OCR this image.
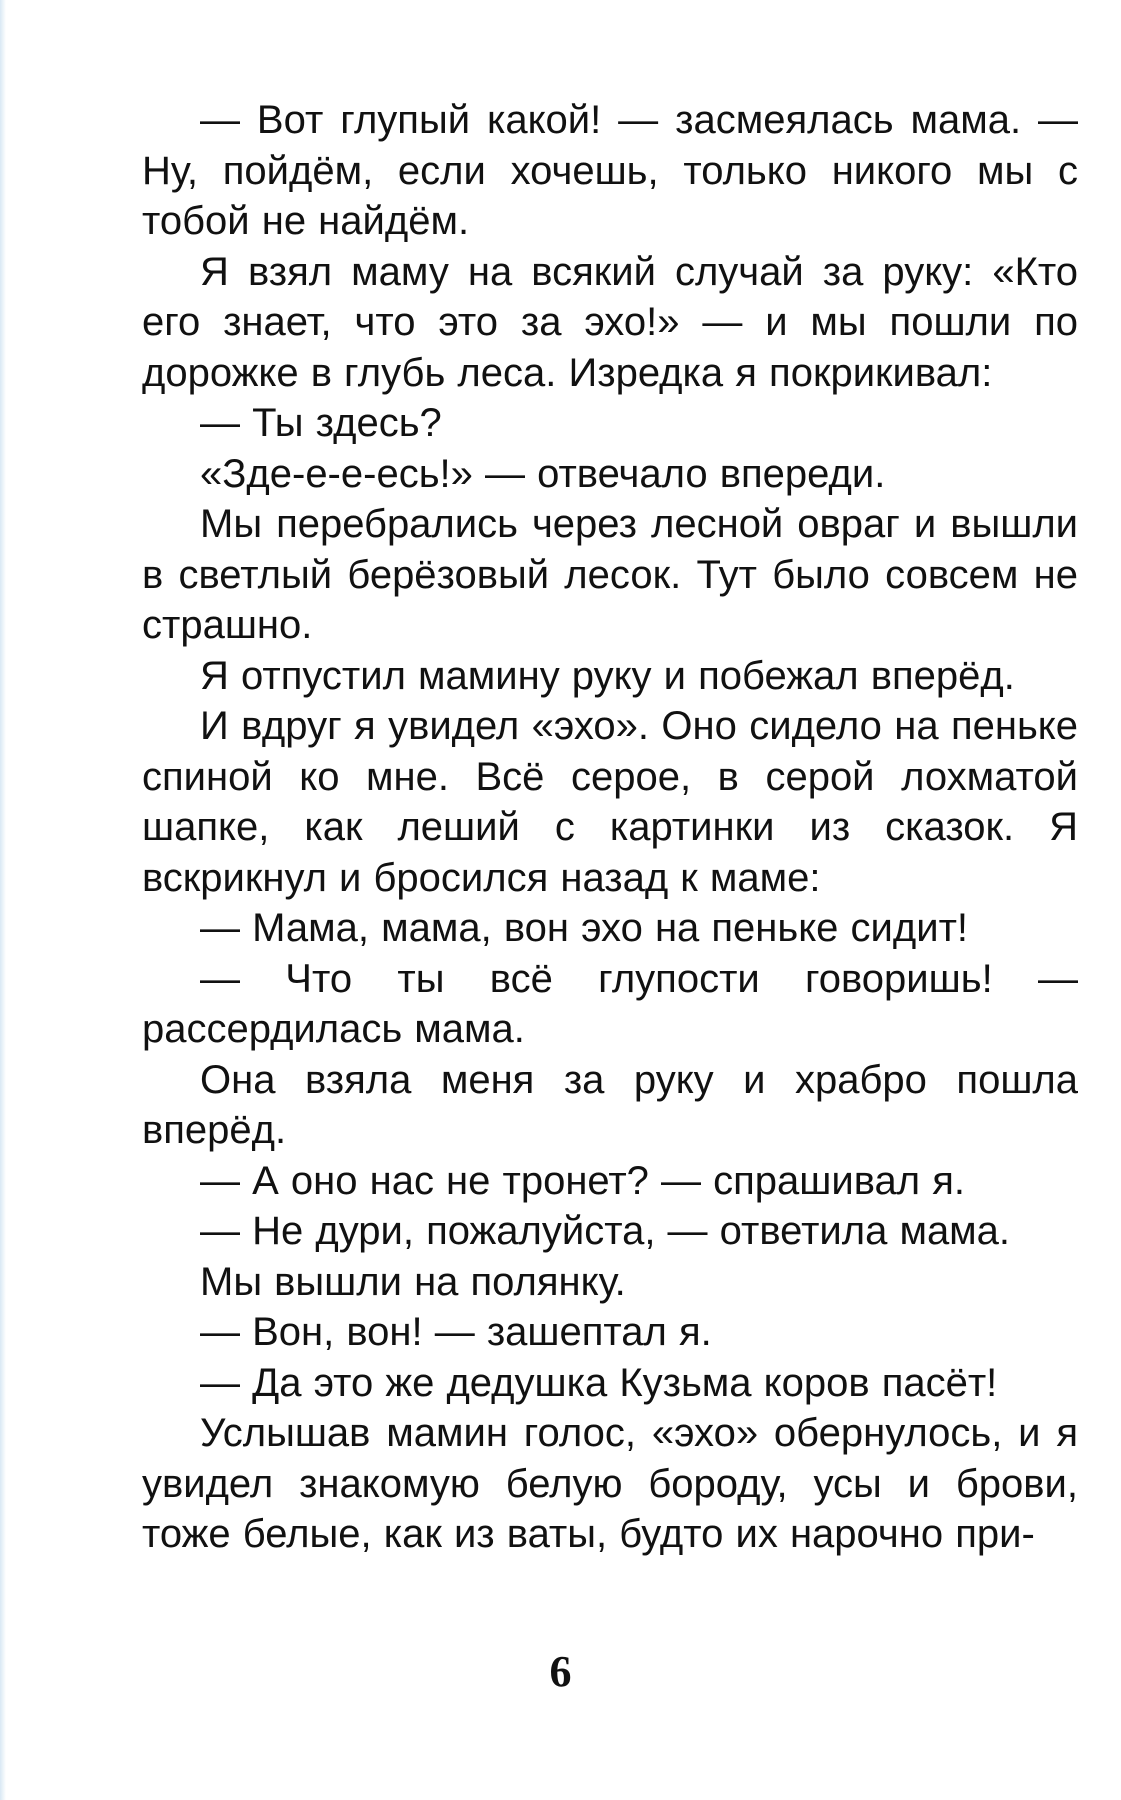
— Вот глупый какой! — засмеялась мама. — Ну, пойдём, если хочешь, только никого мы с тобой не найдём.

Я взял маму на всякий случай за руку: «Кто его знает, что это за эхо!» — и мы пошли по дорожке в глубь леса. Изредка я покрикивал:

— Ты здесь?

«Зде-е-е-есь!» — отвечало впереди.

Мы перебрались через лесной овраг и вышли в светлый берёзовый лесок. Тут было совсем не страшно.

Я отпустил мамину руку и побежал вперёд.

И вдруг я увидел «эхо». Оно сидело на пеньке спиной ко мне. Всё серое, в серой лохматой шапке, как леший с картинки из сказок. Я вскрикнул и бросился назад к маме:

— Мама, мама, вон эхо на пеньке сидит!

— Что ты всё глупости говоришь! — рассердилась мама.

Она взяла меня за руку и храбро пошла вперёд.

— А оно нас не тронет? — спрашивал я.

— Не дури, пожалуйста, — ответила мама.

Мы вышли на полянку.

— Вон, вон! — зашептал я.

— Да это же дедушка Кузьма коров пасёт!

Услышав мамин голос, «эхо» обернулось, и я увидел знакомую белую бороду, усы и брови, тоже белые, как из ваты, будто их нарочно при-

6
